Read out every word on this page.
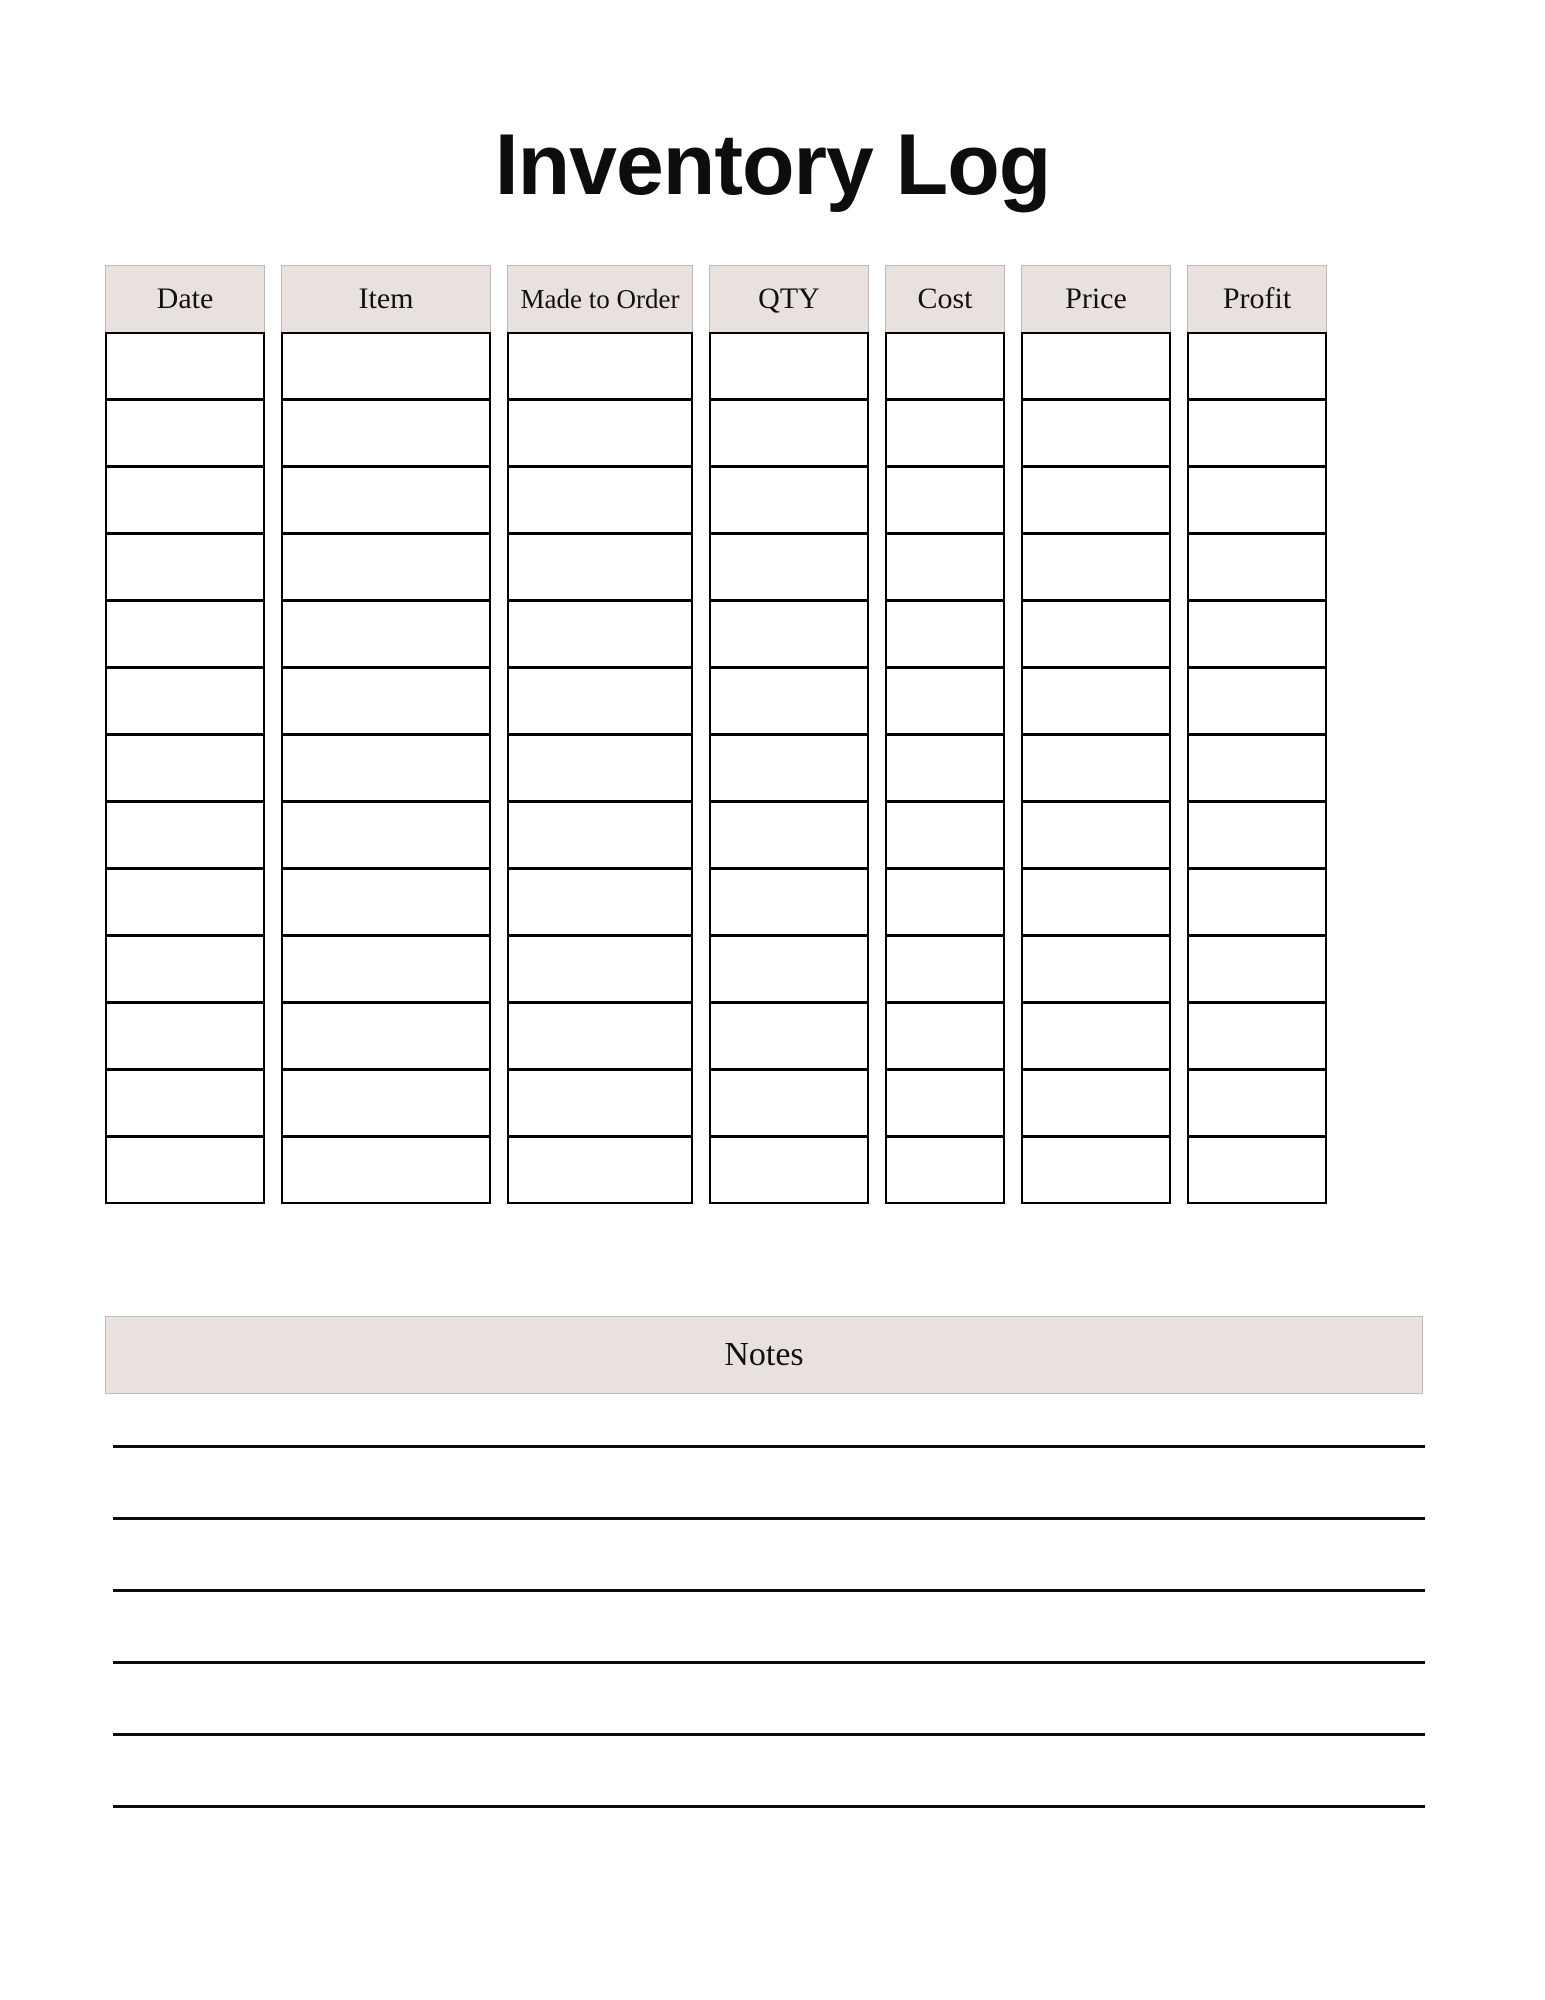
Inventory Log
Date	Item	Made to Order	QTY	Cost	Price	Profit
Notes
